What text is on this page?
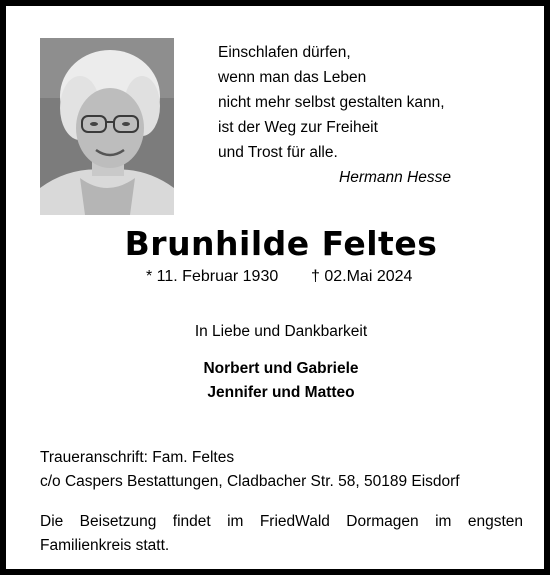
Einschlafen dürfen,
wenn man das Leben
nicht mehr selbst gestalten kann,
ist der Weg zur Freiheit
und Trost für alle.
Hermann Hesse
Brunhilde Feltes
* 11. Februar 1930 † 02.Mai 2024
In Liebe und Dankbarkeit
Norbert und Gabriele
Jennifer und Matteo
Traueranschrift: Fam. Feltes
c/o Caspers Bestattungen, Cladbacher Str. 58, 50189 Eisdorf
Die Beisetzung findet im FriedWald Dormagen im engsten Familienkreis statt.
